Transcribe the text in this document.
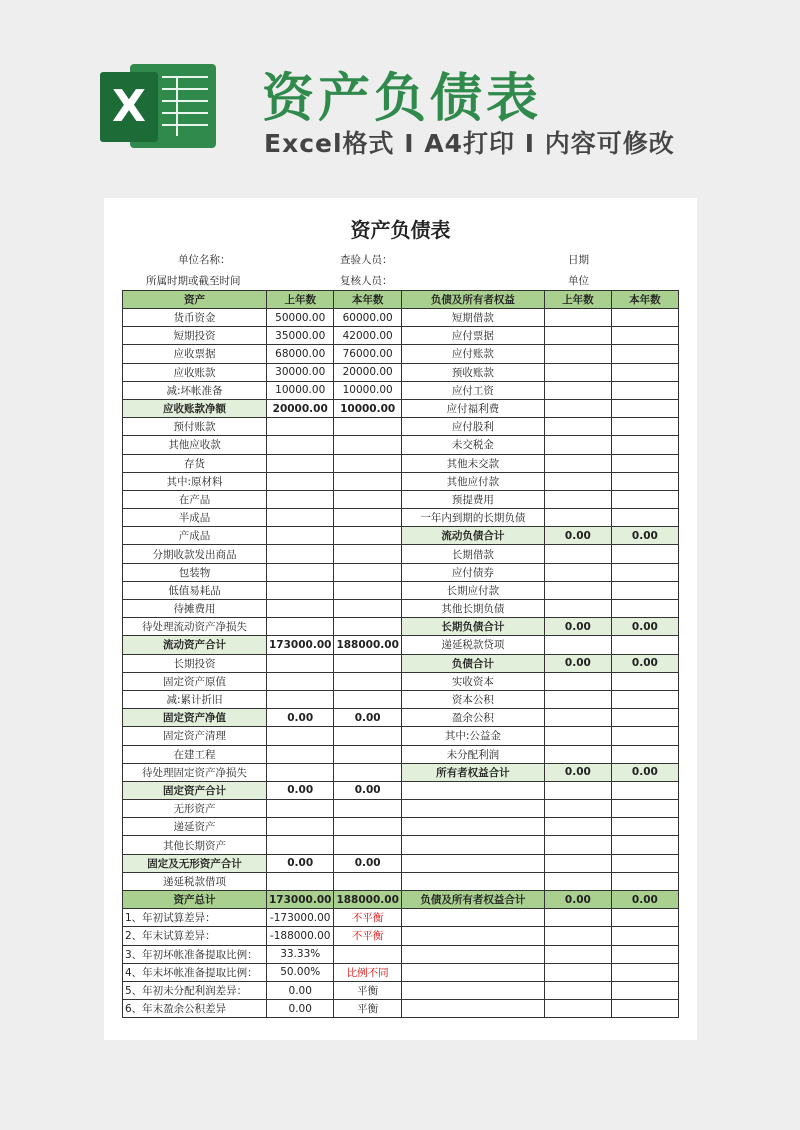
X 资产负债表
Excel格式 Ⅰ A4打印 Ⅰ 内容可修改
资产负债表
单位名称：	查验人员：	日期
所属时期或截至时间	复核人员：	单位
资产	上年数	本年数	负债及所有者权益	上年数	本年数
货币资金	50000.00	60000.00	短期借款		
短期投资	35000.00	42000.00	应付票据		
应收票据	68000.00	76000.00	应付账款		
应收账款	30000.00	20000.00	预收账款		
减:坏帐准备	10000.00	10000.00	应付工资		
应收账款净额	20000.00	10000.00	应付福利费		
预付账款			应付股利		
其他应收款			未交税金		
存货			其他未交款		
其中:原材料			其他应付款		
在产品			预提费用		
半成品			一年内到期的长期负债		
产成品			流动负债合计	0.00	0.00
分期收款发出商品			长期借款		
包装物			应付债券		
低值易耗品			长期应付款		
待摊费用			其他长期负债		
待处理流动资产净损失			长期负债合计	0.00	0.00
流动资产合计	173000.00	188000.00	递延税款贷项		
长期投资			负债合计	0.00	0.00
固定资产原值			实收资本		
减:累计折旧			资本公积		
固定资产净值	0.00	0.00	盈余公积		
固定资产清理			其中:公益金		
在建工程			未分配利润		
待处理固定资产净损失			所有者权益合计	0.00	0.00
固定资产合计	0.00	0.00			
无形资产					
递延资产					
其他长期资产					
固定及无形资产合计	0.00	0.00			
递延税款借项					
资产总计	173000.00	188000.00	负债及所有者权益合计	0.00	0.00
1、年初试算差异：	-173000.00	不平衡			
2、年末试算差异：	-188000.00	不平衡			
3、年初坏帐准备提取比例：	33.33%				
4、年末坏帐准备提取比例：	50.00%	比例不同			
5、年初未分配利润差异：	0.00	平衡			
6、年末盈余公积差异	0.00	平衡			
